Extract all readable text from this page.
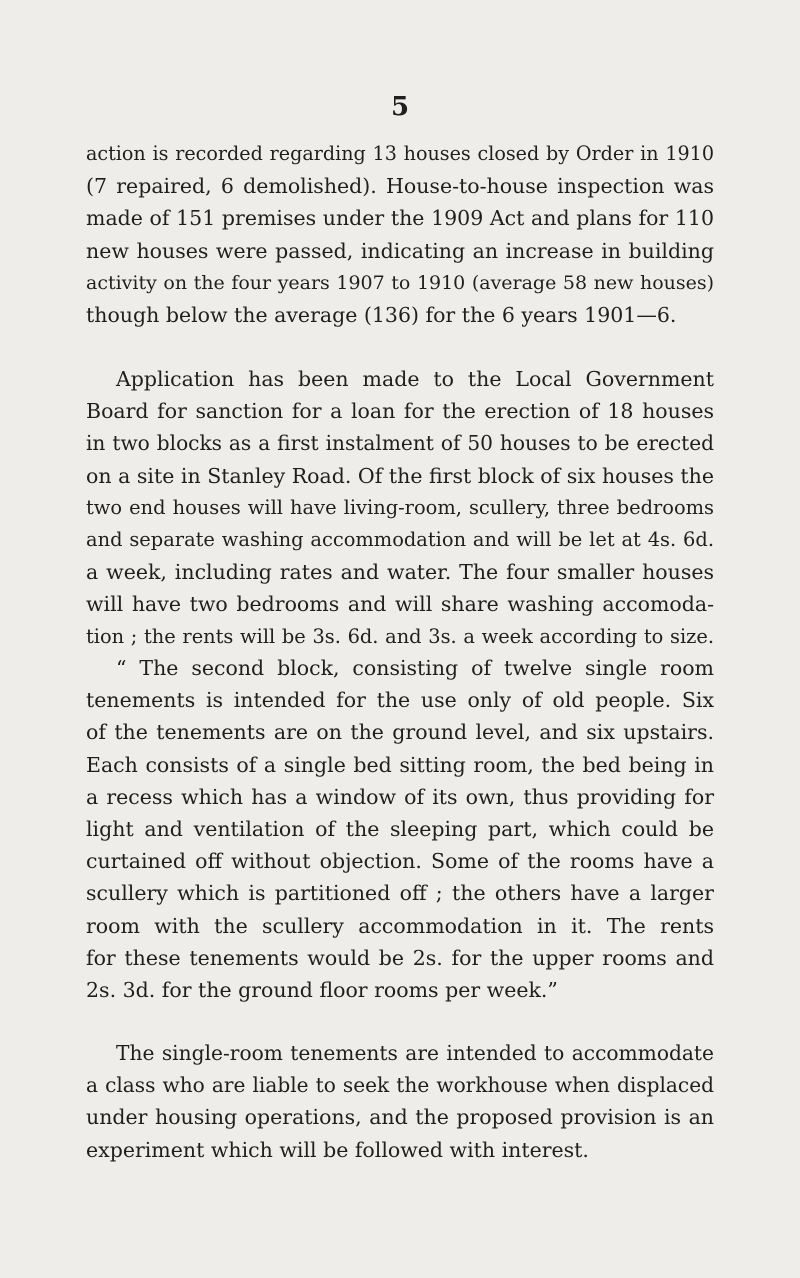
5

action is recorded regarding 13 houses closed by Order in 1910
(7 repaired, 6 demolished). House-to-house inspection was
made of 151 premises under the 1909 Act and plans for 110
new houses were passed, indicating an increase in building
activity on the four years 1907 to 1910 (average 58 new houses)
though below the average (136) for the 6 years 1901—6.

Application has been made to the Local Government
Board for sanction for a loan for the erection of 18 houses
in two blocks as a first instalment of 50 houses to be erected
on a site in Stanley Road. Of the first block of six houses the
two end houses will have living-room, scullery, three bedrooms
and separate washing accommodation and will be let at 4s. 6d.
a week, including rates and water. The four smaller houses
will have two bedrooms and will share washing accomoda-
tion ; the rents will be 3s. 6d. and 3s. a week according to size.

“ The second block, consisting of twelve single room
tenements is intended for the use only of old people. Six
of the tenements are on the ground level, and six upstairs.
Each consists of a single bed sitting room, the bed being in
a recess which has a window of its own, thus providing for
light and ventilation of the sleeping part, which could be
curtained off without objection. Some of the rooms have a
scullery which is partitioned off ; the others have a larger
room with the scullery accommodation in it. The rents
for these tenements would be 2s. for the upper rooms and
2s. 3d. for the ground floor rooms per week.”

The single-room tenements are intended to accommodate
a class who are liable to seek the workhouse when displaced
under housing operations, and the proposed provision is an
experiment which will be followed with interest.
